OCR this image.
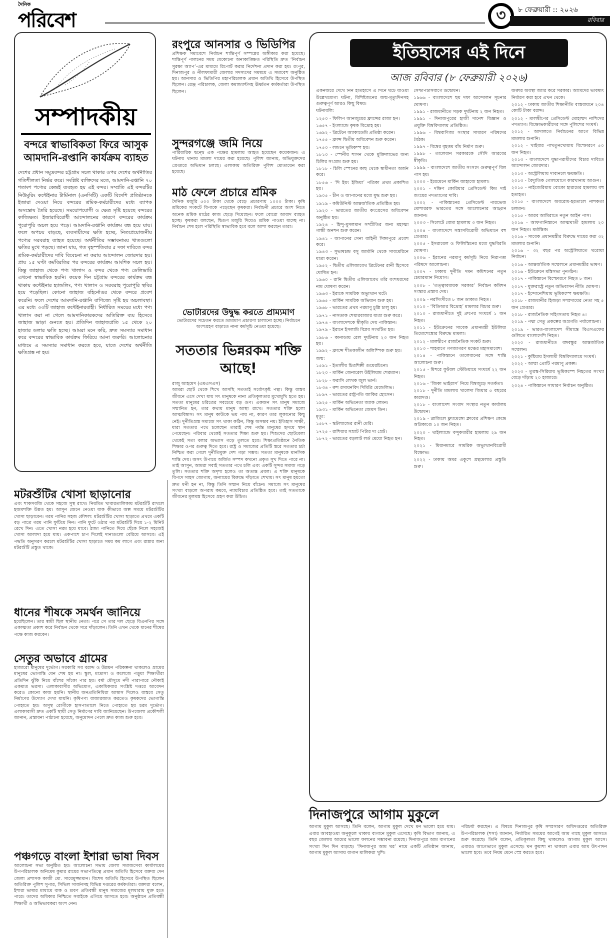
দৈনিক
পরিবেশ	৩	৮ ফেব্রুয়ারী :: ২০২৬
রবিবার
সম্পাদকীয়
বন্দরে স্বাভাবিকতা ফিরে আসুক
আমদানি-রপ্তানি কার্যক্রম ব্যাহত
দেশের প্রধান সমুদ্রবন্দর চট্টগ্রাম সচল থাকার ওপর দেশের অর্থনীতির গতিশীলতা নির্ভর করে। সংশ্লিষ্ট ব্যক্তিদের মতে, আমদানি-রপ্তানি ৭০ শতাংশ পণ্যের কেন্দ্রই ব্যবহৃত হয় এই বন্দর। সম্প্রতি এই বন্দরটির নিউমুরিং কন্টেইনার টার্মিনাল (এনসিটি) একটি বিদেশি প্রতিষ্ঠানকে ইজারা দেওয়া নিয়ে বন্দরের শ্রমিক-কর্মচারীদের মধ্যে ব্যাপক অসন্তোষ তৈরি হয়েছে। সময়োপযোগী ও ক্ষেত্র সৃষ্টি হয়েছে বন্দরের কাজিক্ষত। ইজারাবিরোধী আন্দোলনের কারণে বন্দরের কার্যক্রম পুরোপুরি অচল হয়ে পড়ে। আমদানি-রপ্তানি কার্যক্রম বন্ধ হয়ে যায়। ফলে অপচয় বাড়ছে, ব্যবসায়ীদের ক্ষতি হচ্ছে, নিত্যপ্রয়োজনীয় পণ্যের সরবরাহ ব্যাহত হয়েছে। অর্থনীতির সম্ভাবনাময় খাতগুলো ক্ষতির মুখে পড়ছে। জানা যায়, গত বৃহস্পতিবার ৫ দফা দাবিতে বন্দর শ্রমিক-কর্মচারীদের দাবি বিবেচনা না করায় আন্দোলন জোরদার হয়। প্রায় ১৫ ঘণ্টা কর্মবিরতির পর বন্দরের কার্যক্রম আংশিক সচল হয়। কিন্তু জাহাজ থেকে পণ্য খালাস ও বন্দর থেকে পণ্য ডেলিভারি এখনো স্বাভাবিক হয়নি। কয়েক দিন চট্টগ্রাম বন্দরের কার্যক্রম বন্ধ থাকায় কন্টেইনার হ্যান্ডলিং, পণ্য খালাস ও সরবরাহ পুরোপুরি স্থবির হয়ে পড়েছিল। কোনো জাহাজ বহির্নোঙর থেকে বন্দরে প্রবেশ করেনি। ফলে দেশের আমদানি-রপ্তানি বাণিজ্যে সৃষ্টি হয় অচলাবস্থা। এর মধ্যে ৩৩টি জাহাজ কন্টেইনারবাহী। নির্ধারিত সময়ের মধ্যে পণ্য খালাস করা না গেলে আমদানিকারকদের অতিরিক্ত ব্যয় হিসেবে জাহাজ ভাড়া গুনতে হয়। প্রতিদিন জাহাজপ্রতি ১৫ থেকে ২০ হাজার ডলার ক্ষতি হচ্ছে। আমরা মনে করি, দ্রুত সমস্যার সমাধান করে বন্দরের স্বাভাবিক কার্যক্রম ফিরিয়ে আনা জরুরি। আলোচনার মাধ্যমে এ সমস্যার সমাধান করতে হবে, যাতে দেশের অর্থনীতি ক্ষতিগ্রস্ত না হয়।
মটরশুঁটির খোসা ছাড়ানোর
এবং শাকসবজি থেকে সহজে সুস্থ রাখে। নিয়মিত খাবারতালিকায় মটরশুঁটি রাখলে হজমশক্তি উন্নত হয়। আসুন জেনে নেওয়া যাক কীভাবে অল্প সময়ে মটরশুঁটির খোসা ছাড়াবেন। গরম পানির সহজ কৌশল: মটরশুঁটির খোসা ছাড়াতে প্রথমে একটি বড় পাত্রে গরম পানি ফুটিয়ে নিন। পানি ফুটে ওঠার পর মটরশুঁটি দিয়ে ১-২ মিনিট রেখে দিন। এতে খোসা নরম হয়ে যাবে। ঠান্ডা পানিতে দিয়ে ছেঁকে নিলে সহজেই খোসা আলাদা হয়ে যায়। একপাশে চাপ দিলেই দানাগুলো বেরিয়ে আসবে। এই পদ্ধতি অনুসরণ করলে মটরশুঁটির খোসা ছাড়াতে সময় কম লাগে এবং রান্নার জন্য মটরশুঁটি প্রস্তুত থাকে।
ধানের শীষকে সমর্থন জানিয়ে
হয়েছিলেন। তার স্বামী ছিল স্থানীয় নেতা। পরে সে তার দল ছেড়ে বিএনপির সঙ্গে একাত্মতা প্রকাশ করে নির্বাচন থেকে সরে দাঁড়ালেন। তিনি এখন থেকে ধানের শীষের পক্ষে কাজ করবেন।
সেতুর অভাবে গ্রামের
হাজারো মানুষের দুর্ভোগ। সরকারি সব বরাদ্দ ও উন্নয়ন পরিকল্পনা থাকলেও গ্রামের মানুষের ভোগান্তি যেন শেষ হয় না। স্কুল, মাদ্রাসা ও কলেজে পড়ুয়া শিক্ষার্থীরা প্রতিদিন ঝুঁকি নিয়ে বাঁশের সাঁকো পার হয়। বর্ষা মৌসুমে নদী পারাপারে নৌকাই একমাত্র ভরসা। এলাকাবাসীর অভিযোগ, একাধিকবার সংশ্লিষ্ট দপ্তরে আবেদন করেও কোনো কাজ হয়নি। স্থানীয় জনপ্রতিনিধিরা আশ্বাস দিলেও বাস্তবে সেতু নির্মাণের উদ্যোগ দেখা যায়নি। কৃষিপণ্য বাজারজাত করতেও কৃষকদের ভোগান্তি পোহাতে হয়। অসুস্থ রোগীকে হাসপাতালে নিতে পোহাতে হয় চরম দুর্ভোগ। এলাকাবাসী দ্রুত একটি স্থায়ী সেতু নির্মাণের দাবি জানিয়েছেন। উপজেলা প্রকৌশলী জানান, প্রস্তাবনা পাঠানো হয়েছে, অনুমোদন পেলে দ্রুত কাজ শুরু হবে।
পঞ্চগড়ে বাংলা ইশারা ভাষা দিবস
আলোচনা সভা অনুষ্ঠিত হয়। আলোচনা সভায় জেলা সমাজসেবা কার্যালয়ের উপপরিচালক অনিমেষ কুমার রায়ের সভাপতিত্বে প্রধান অতিথি হিসেবে বক্তব্য দেন জেলা প্রশাসক কাজী মো. সায়েমুজ্জামান। বিশেষ অতিথি হিসেবে উপস্থিত ছিলেন অতিরিক্ত পুলিশ সুপার, সিভিল সার্জনসহ বিভিন্ন দপ্তরের কর্মকর্তারা। বক্তারা বলেন, ইশারা ভাষার মাধ্যমে বাক ও শ্রবণ প্রতিবন্ধী মানুষ সমাজের মূলধারায় যুক্ত হতে পারে। তাদের অধিকার নিশ্চিতে সবাইকে এগিয়ে আসতে হবে। অনুষ্ঠানে প্রতিবন্ধী শিক্ষার্থী ও অভিভাবকরা অংশ নেন।
রংপুরে আনসার ও ভিডিপির
প্রশিক্ষক সমাবেশে নির্বাচন শান্তিপূর্ণ সম্পন্নের অঙ্গীকার করা হয়েছে। শান্তিপূর্ণ পালনের সময় যেকোনো অনাকাঙ্ক্ষিত পরিস্থিতি দ্রুত ‘নির্বাচন সুরক্ষা অ্যাপ’-এর মাধ্যমে রিপোর্ট করার নির্দেশনা প্রদান করা হয়। রংপুর, দিনাজপুর ও নীলফামারী জেলার সদস্যদের সমন্বয়ে এ সমাবেশ অনুষ্ঠিত হয়। আনসার ও ভিডিপির মহাপরিচালক প্রধান অতিথি হিসেবে উপস্থিত ছিলেন। রেঞ্জ পরিচালক, জেলা কমান্ড্যান্টসহ ঊর্ধ্বতন কর্মকর্তারা উপস্থিত ছিলেন।
সুন্দরগঞ্জে জমি নিয়ে
পারিবারিক দ্বন্দ্বে এক পক্ষের হামলায় আহত হয়েছেন কয়েকজন। এ ঘটনায় থানায় মামলা দায়ের করা হয়েছে। পুলিশ জানায়, অভিযুক্তদের গ্রেপ্তারে অভিযান চলছে। এলাকায় অতিরিক্ত পুলিশ মোতায়েন করা হয়েছে।
মাঠ ফেলে প্রচারে শ্রমিক
দৈনিক মজুরি ৫০০ টাকা থেকে বেড়ে প্রচারণায় ১০০০ টাকা। কৃষি শ্রমিকের সংকটে বিপাকে পড়েছেন কৃষকরা। নির্বাচনী প্রচারে অংশ নিতে অনেক শ্রমিক মাঠের কাজ ছেড়ে দিয়েছেন। ফলে বোরো আবাদ ব্যাহত হচ্ছে। কৃষকরা বলছেন, দ্বিগুণ মজুরি দিয়েও শ্রমিক পাওয়া যাচ্ছে না। নির্বাচন শেষ হলে পরিস্থিতি স্বাভাবিক হবে বলে আশা করছেন তারা।
ভোটারদের উদ্বুদ্ধ করতে প্রাম্যমাণ
ভোটারদের সচেতন করতে ভ্রাম্যমাণ প্রচারণা চালানো হচ্ছে। নির্বাচনে অংশগ্রহণ বাড়াতে নানা কর্মসূচি নেওয়া হয়েছে।
সততার ভিন্নরকম শক্তি আছে!
রাজু আহমেদ (এমএসএস)
আমরা ছোট থেকে শিখে আসছি সততাই সর্বোৎকৃষ্ট পন্থা। কিন্তু বাস্তব জীবনে এসে দেখা যায় সৎ মানুষকে নানা প্রতিকূলতার মুখোমুখি হতে হয়। সততা মানুষের চরিত্রের সবচেয়ে বড় গুণ। একজন সৎ মানুষ সমাজে সম্মানিত হন, তার কথায় মানুষ আস্থা রাখে। সততার শক্তি হলো আত্মবিশ্বাস। সৎ মানুষ কাউকে ভয় পায় না, কারণ তার লুকানোর কিছু নেই। দুর্নীতিগ্রস্ত সমাজে সৎ থাকা কঠিন, কিন্তু অসম্ভব নয়। ইতিহাস সাক্ষী, যারা সততার পথে চলেছেন তারাই শেষ পর্যন্ত মানুষের হৃদয়ে স্থান পেয়েছেন। পরিবার থেকেই সততার শিক্ষা শুরু হয়। শিশুদের ছোটবেলা থেকেই সত্য বলার অভ্যাস গড়ে তুলতে হবে। শিক্ষাপ্রতিষ্ঠানে নৈতিক শিক্ষার ওপর গুরুত্ব দিতে হবে। রাষ্ট্র ও সমাজের প্রতিটি স্তরে সততার চর্চা নিশ্চিত করা গেলে দুর্নীতিমুক্ত দেশ গড়া সম্ভব। সততা মানুষকে মানসিক শান্তি দেয়। অসৎ উপায়ে অর্জিত সম্পদ কখনো প্রকৃত সুখ দিতে পারে না। তাই আসুন, আমরা সবাই সততার পথে চলি এবং একটি সুন্দর সমাজ গড়ে তুলি। সততার শক্তি অদৃশ্য হলেও তা অত্যন্ত প্রবল। এ শক্তি মানুষকে বিপদে সাহস জোগায়, অন্যায়ের বিরুদ্ধে দাঁড়াতে শেখায়। সৎ মানুষ হয়তো দ্রুত ধনী হন না, কিন্তু তিনি সম্মান নিয়ে বাঁচেন। সমাজে সৎ মানুষের সংখ্যা বাড়লে অপরাধ কমবে, ন্যায়বিচার প্রতিষ্ঠিত হবে। তাই সততাকে জীবনের মূলমন্ত্র হিসেবে গ্রহণ করা উচিত।
ইতিহাসের এই দিনে
আজ রবিবার (৮ ফেব্রুয়ারী ২০২৬)

একনজরে দেখে নিন ইতিহাসে এ দিনে ঘটে যাওয়া উল্লেখযোগ্য ঘটনা, বিশিষ্টজনের জন্ম-মৃত্যুদিনসহ গুরুত্বপূর্ণ আরও কিছু বিষয়।

ঘটনাবলি:

১২৫০ - ফিলিপ আনজুয়ের ফ্রান্সের রাজা হন।

১৬৫৭ - ইংল্যান্ডে কৃষক বিদ্রোহ হয়।

১৬৯২ - ব্রিটেনে অ্যাকাডেমি প্রতিষ্ঠা করেন।

১৭৫৫ - ফ্রান্স দ্বিতীয় অধিবেশন শুরু করেন।

১৭৫০ - লন্ডনে ভূমিকম্প হয়।

১৮১০ - স্পেনীয় শাসন থেকে মুক্তিলাভের জন্য চিলির সংগ্রাম শুরু হয়।

১৮১৮ - চিলি স্পেনের কাছ থেকে স্বাধীনতা অর্জন করে।

১৮৫৬ - ‘দি ইয়ং ইন্ডিয়া’ পত্রিকা প্রথম প্রকাশিত হয়।

১৯০৫ - চীন ও জাপানের মধ্যে যুদ্ধ শুরু হয়।

১৯১৯ - কমিউনিস্ট আন্তর্জাতিক প্রতিষ্ঠিত হয়।

১৯২০ - ভারতের জাতীয় কংগ্রেসের অধিবেশন অনুষ্ঠিত হয়।

১৯২৪ - হিন্দু-মুসলমান সম্প্রীতির জন্য মহাত্মা গান্ধী অনশন শুরু করেন।

১৯৪১ - জাপানের সেনা বাহিনী সিঙ্গাপুরে প্রবেশ করে।

১৯৪৩ - সুভাষচন্দ্র বসু জার্মানি থেকে সাবমেরিনে যাত্রা করেন।

১৯৫২ - দ্বিতীয় এলিজাবেথ ব্রিটেনের রানী হিসেবে ঘোষিত হন।

১৯৬০ - রানি দ্বিতীয় এলিজাবেথ তাঁর বংশধরদের নাম ঘোষণা করেন।

১৯৬৩ - ইরাকে সামরিক অভ্যুত্থান ঘটে।

১৯৬৫ - মার্কিন সামরিক অভিযান শুরু হয়।

১৯৬৮ - ভারতের প্রথম পরমাণু চুল্লি চালু হয়।

১৯৭১ - নাসডাক শেয়ারবাজার যাত্রা শুরু করে।

১৯৭৪ - বাংলাদেশকে স্বীকৃতি দেয় পাকিস্তান।

১৯৭৯ - ইরানে ইসলামি বিপ্লব সংঘটিত হয়।

১৯৮৬ - কানাডায় রেল দুর্ঘটনায় ২৩ জন নিহত হয়।

১৯৯২ - ফ্রান্সে শীতকালীন অলিম্পিক শুরু হয়।

জন্ম:

১৫৯১ - ইতালীয় চিত্রশিল্পী গুয়েরচিনো।

১৮২০ - মার্কিন জেনারেল উইলিয়াম শেরম্যান।

১৮২৮ - ফরাসি লেখক জুল ভার্ন।

১৮৩৪ - রুশ রসায়নবিদ দিমিত্রি মেন্ডেলিভ।

১৮৯৭ - ভারতের রাষ্ট্রপতি জাকির হোসেন।

১৯২৫ - মার্কিন অভিনেতা জ্যাক লেমন।

১৯৩১ - মার্কিন অভিনেতা জেমস ডিন।

মৃত্যু:

১৫৮৭ - স্কটল্যান্ডের রানী মেরি।

১৭২৫ - রাশিয়ার সম্রাট পিটার দ্য গ্রেট।

১৮৭২ - ভারতের বড়লাট লর্ড মেয়ো নিহত হন।

সেন্টপিটার্সবার্গে উদ্বোধন।

১৯৬৬ - বাংলাদেশে ছয় দফা আন্দোলন সূচনার ঘোষণা।

১৯৯১ - রাজধানীতে সড়ক দুর্ঘটনায় ২ জন নিহত।

১৯৯১ - দিনাজপুরের হাজী দানেশ বিজ্ঞান ও প্রযুক্তি বিশ্ববিদ্যালয় প্রতিষ্ঠিত।

১৯৯৬ - বিশ্ববাণিজ্য সংস্থার সাধারণ পরিষদের বৈঠক।

১৯৯৭ - বিশ্বের বৃহত্তম বাঁধ নির্মাণ শুরু।

১৯৯৮ - তালেবান সরকারকে সৌদি আরবের স্বীকৃতি।

১৯৯৯ - বাংলাদেশে জাতীয় সংসদে গুরুত্বপূর্ণ বিল পাস হয়।

২০০০ - ইয়েমেনে মার্কিন জাহাজে হামলা।

২০০১ - দক্ষিণ কোরিয়ার প্রেসিডেন্ট কিম দাই জংয়ের পদত্যাগের দাবি।

২০০২ - পাকিস্তানের প্রেসিডেন্ট পারভেজ মোশাররফ ভারতের সঙ্গে আলোচনার আহ্বান জানান।

২০০৩ - সিলেটে বোমা হামলায় ৩ জন নিহত।

২০০৪ - বাংলাদেশে সন্ত্রাসবিরোধী অভিযানে বহু গ্রেপ্তার।

২০০৫ - ইসরায়েল ও ফিলিস্তিনের মধ্যে যুদ্ধবিরতি ঘোষণা।

২০০৬ - ইরানের পরমাণু কর্মসূচি নিয়ে নিরাপত্তা পরিষদে আলোচনা।

২০০৭ - ঢাকায় দুর্নীতি দমন কমিশনের নতুন চেয়ারম্যান নিয়োগ।

২০০৮ - ‘তত্ত্বাবধায়ক সরকার’ নির্বাচন কমিশন সংস্কার প্রস্তাব দেয়।

২০০৯ - নরসিংদীতে ৮ জন ডাকাত নিহত।

২০১০ - ‘বিডিআর বিদ্রোহ’ মামলার বিচার শুরু।

২০১০ - রাজধানীতে দুই গ্রুপের সংঘর্ষে ১ জন নিহত।

২০১১ - ইউক্রেনের সাবেক প্রধানমন্ত্রী ইউলিয়া তিমোশেঙ্কোর বিরুদ্ধে মামলা।

২০১২ - মালদ্বীপে রাজনৈতিক সংকট শুরু।

২০১৩ - শাহবাগে গণজাগরণ মঞ্চের মহাসমাবেশ।

২০১৪ - পাকিস্তানে তালেবানের সঙ্গে শান্তি আলোচনা শুরু।

২০১৫ - মিশরে ফুটবল স্টেডিয়ামে সংঘর্ষে ২২ জন নিহত।

২০১৬ - ‘জিকা ভাইরাস’ নিয়ে বিশ্বজুড়ে সতর্কতা।

২০১৮ - দুর্নীতি মামলায় খালেদা জিয়ার ৫ বছরের কারাদণ্ড।

২০১৮ - বাংলাদেশ সংবাদ সংস্থার নতুন কার্যালয় উদ্বোধন।

২০১৯ - ব্রাজিলে ফ্ল্যামেঙ্গো ক্লাবের প্রশিক্ষণ কেন্দ্রে অগ্নিকাণ্ডে ১০ জন নিহত।

২০২০ - থাইল্যান্ডে বন্দুকধারীর হামলায় ২৯ জন নিহত।

২০২১ - মিয়ানমারে সামরিক অভ্যুত্থানবিরোধী বিক্ষোভ।

২০২২ - ঢাকায় অমর একুশে গ্রন্থমেলার প্রস্তুতি শুরু।

জরুরি অবস্থা জারি করে সরকার। আর্মিদের ভবিষ্যৎ নির্ধারণ করা হবে এখন থেকে।

২০১২ - ঢাকায় জাতীয় শিক্ষানীতি বাস্তবায়নে ২০৪ কোটি টাকা বরাদ্দ।

২০১২ - মালদ্বীপের প্রেসিডেন্ট মোহাম্মদ নাশিদের পদত্যাগ। বিক্ষোভকারীদের সঙ্গে পুলিশের সংঘর্ষ।

২০১২ - আদালতে নির্বাচনের আগে বিভিন্ন মামলার শুনানি।

২০১২ - খাইবার পাখতুনখোয়ায় বিস্ফোরণে ৫০ জন নিহত।

২০১৩ - বাংলাদেশে যুদ্ধাপরাধীদের বিচার দাবিতে আন্দোলন জোরদার।

২০১৩ - অস্ট্রেলিয়ায় দাবানলে ক্ষয়ক্ষতি।

২০১৩ - বৈদ্যুতিক গোলযোগে কারখানায় আগুন।

২০১৫ - নাইজেরিয়ায় বোকো হারামের হামলায় বহু হতাহত।

২০১৫ - বাংলাদেশে অবরোধ-হরতালে নাশকতা চলমান।

২০১৫ - আরব আমিরাতে নতুন আইন পাস।

২০১৬ - আফগানিস্তানে আত্মঘাতী হামলায় ২০ জন নিহত। মর্মান্তিক।

২০১৬ - সাবেক প্রধানমন্ত্রীর বিরুদ্ধে দায়ের করা ৩২ মামলার শুনানি।

২০১৬ - ৩২ বছর পর অস্ট্রেলিয়াতে ঘরোয়া নির্বাচন।

২০১৬ - আন্তর্জাতিক সম্মেলনে প্রধানমন্ত্রীর ভাষণ।

২০১৬ - ইউক্রেনে মন্ত্রিসভা পুনর্গঠন।

২০১৭ - পাকিস্তানে বিস্ফোরণে নিহত ৮ জন।

২০১৭ - যুক্তরাষ্ট্রে নতুন অভিবাসন নীতি ঘোষণা।

২০১৭ - ইন্দোনেশিয়ায় ভূমিকম্পে ক্ষয়ক্ষতি।

২০১৮ - রাজধানীর হিজড়া সম্প্রদায়ের নেতা সহ ৫ জন গ্রেপ্তার।

২০১৮ - রাজনৈতিক সহিংসতায় নিহত ৪।

২০১৯ - পদ্মা সেতু প্রকল্পের অগ্রগতি পর্যালোচনা।

২০১৯ - ভারত-বাংলাদেশ সীমান্তে বিএসএফের গুলিতে বাংলাদেশি নিহত।

২০২০ - রাজধানীতে বঙ্গবন্ধুর আন্তর্জাতিক সম্মেলন।

২০২১ - কুষ্টিয়ায় ইসলামী বিশ্ববিদ্যালয়ে সংঘর্ষ।

২০২২ - আম্মা প্রোটি পরমাণু প্রকল্প।

২০২৩ - তুরস্ক-সিরিয়ায় ভূমিকম্পে নিহতের সংখ্যা বেড়ে দাঁড়ায় ২০ হাজারে।

২০২৪ - পাকিস্তানে সাধারণ নির্বাচন অনুষ্ঠিত।

দিনাজপুরে আগাম মুকুলে
আগাম মুকুল আসছে। তিনি বলেন, আগাম মুকুল দেখে মন ভালো হয়ে যায়। এবার আবহাওয়া অনুকূলে থাকায় বাগানে মুকুল এসেছে। কৃষি বিভাগ জানায়, এ বছর জেলায় আমের ভালো ফলনের সম্ভাবনা রয়েছে। দিনাজপুরে আম বাগানের সংখ্যা দিন দিন বাড়ছে। ‘দিনাজপুর আম ঘর’ নামে একটি প্রতিষ্ঠান জানায়, আগাম মুকুল আসায় বাগান মালিকরা খুশি।
পরিচর্যা করছেন। এ বিষয়ে দিনাজপুর কৃষি সম্প্রসারণ অধিদপ্তরের অতিরিক্ত উপপরিচালক (শস্য) জানান, নির্ধারিত সময়ের আগেই আম গাছে মুকুল আসতে শুরু করেছে। তিনি বলেন, প্রতিকূলতা কিছু থাকলেও আগাম মুকুল আসে। এবারও আগেভাগে মুকুল এসেছে। ঘন কুয়াশা না থাকলে এবার আম উৎপাদন ভালো হবে। তবে নিয়ম মেনে স্প্রে করতে হবে।
